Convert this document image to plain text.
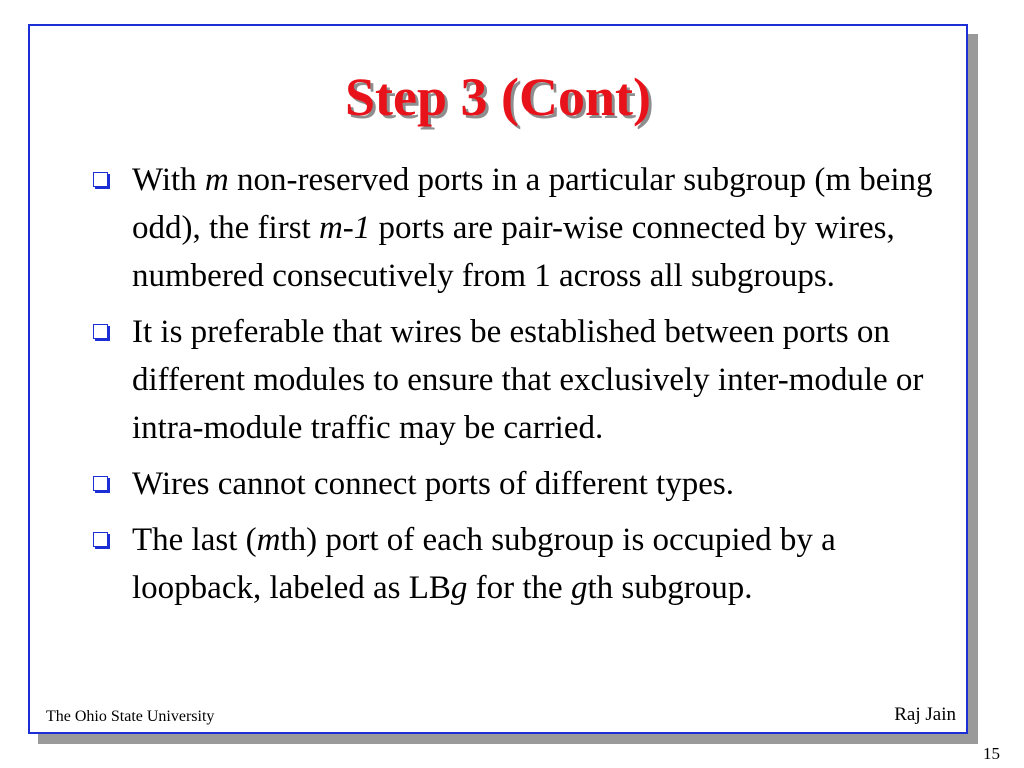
Step 3 (Cont)
With m non-reserved ports in a particular subgroup (m being odd), the first m-1 ports are pair-wise connected by wires, numbered consecutively from 1 across all subgroups.
It is preferable that wires be established between ports on different modules to ensure that exclusively inter-module or intra-module traffic may be carried.
Wires cannot connect ports of different types.
The last (mth) port of each subgroup is occupied by a loopback, labeled as LBg for the gth subgroup.
The Ohio State University	Raj Jain
15
